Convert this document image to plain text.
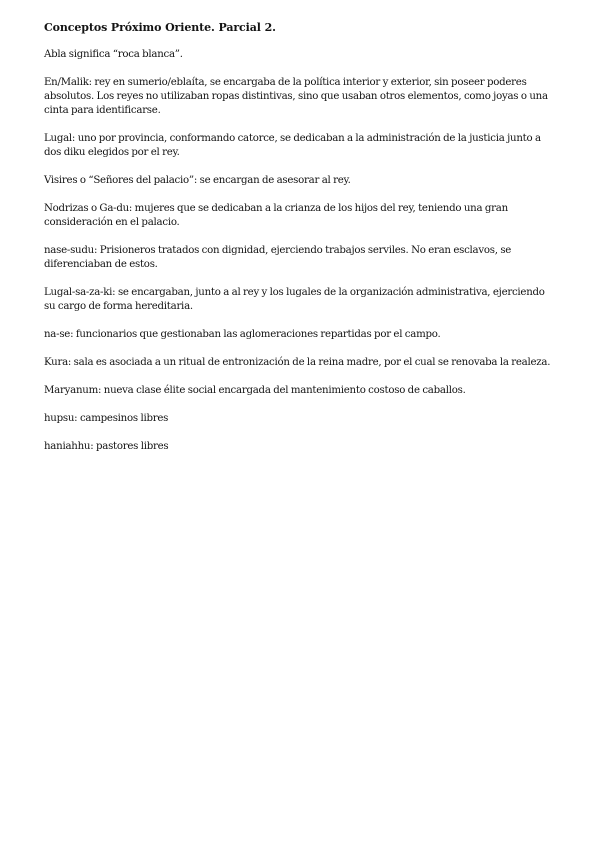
Conceptos Próximo Oriente. Parcial 2.

Abla significa “roca blanca”.

En/Malik: rey en sumerio/eblaíta, se encargaba de la política interior y exterior, sin poseer poderes absolutos. Los reyes no utilizaban ropas distintivas, sino que usaban otros elementos, como joyas o una cinta para identificarse.

Lugal: uno por provincia, conformando catorce, se dedicaban a la administración de la justicia junto a dos diku elegidos por el rey.

Visires o “Señores del palacio”: se encargan de asesorar al rey.

Nodrizas o Ga-du: mujeres que se dedicaban a la crianza de los hijos del rey, teniendo una gran consideración en el palacio.

nase-sudu: Prisioneros tratados con dignidad, ejerciendo trabajos serviles. No eran esclavos, se diferenciaban de estos.

Lugal-sa-za-ki: se encargaban, junto a al rey y los lugales de la organización administrativa, ejerciendo su cargo de forma hereditaria.

na-se: funcionarios que gestionaban las aglomeraciones repartidas por el campo.

Kura: sala es asociada a un ritual de entronización de la reina madre, por el cual se renovaba la realeza.

Maryanum: nueva clase élite social encargada del mantenimiento costoso de caballos.

hupsu: campesinos libres

haniahhu: pastores libres
